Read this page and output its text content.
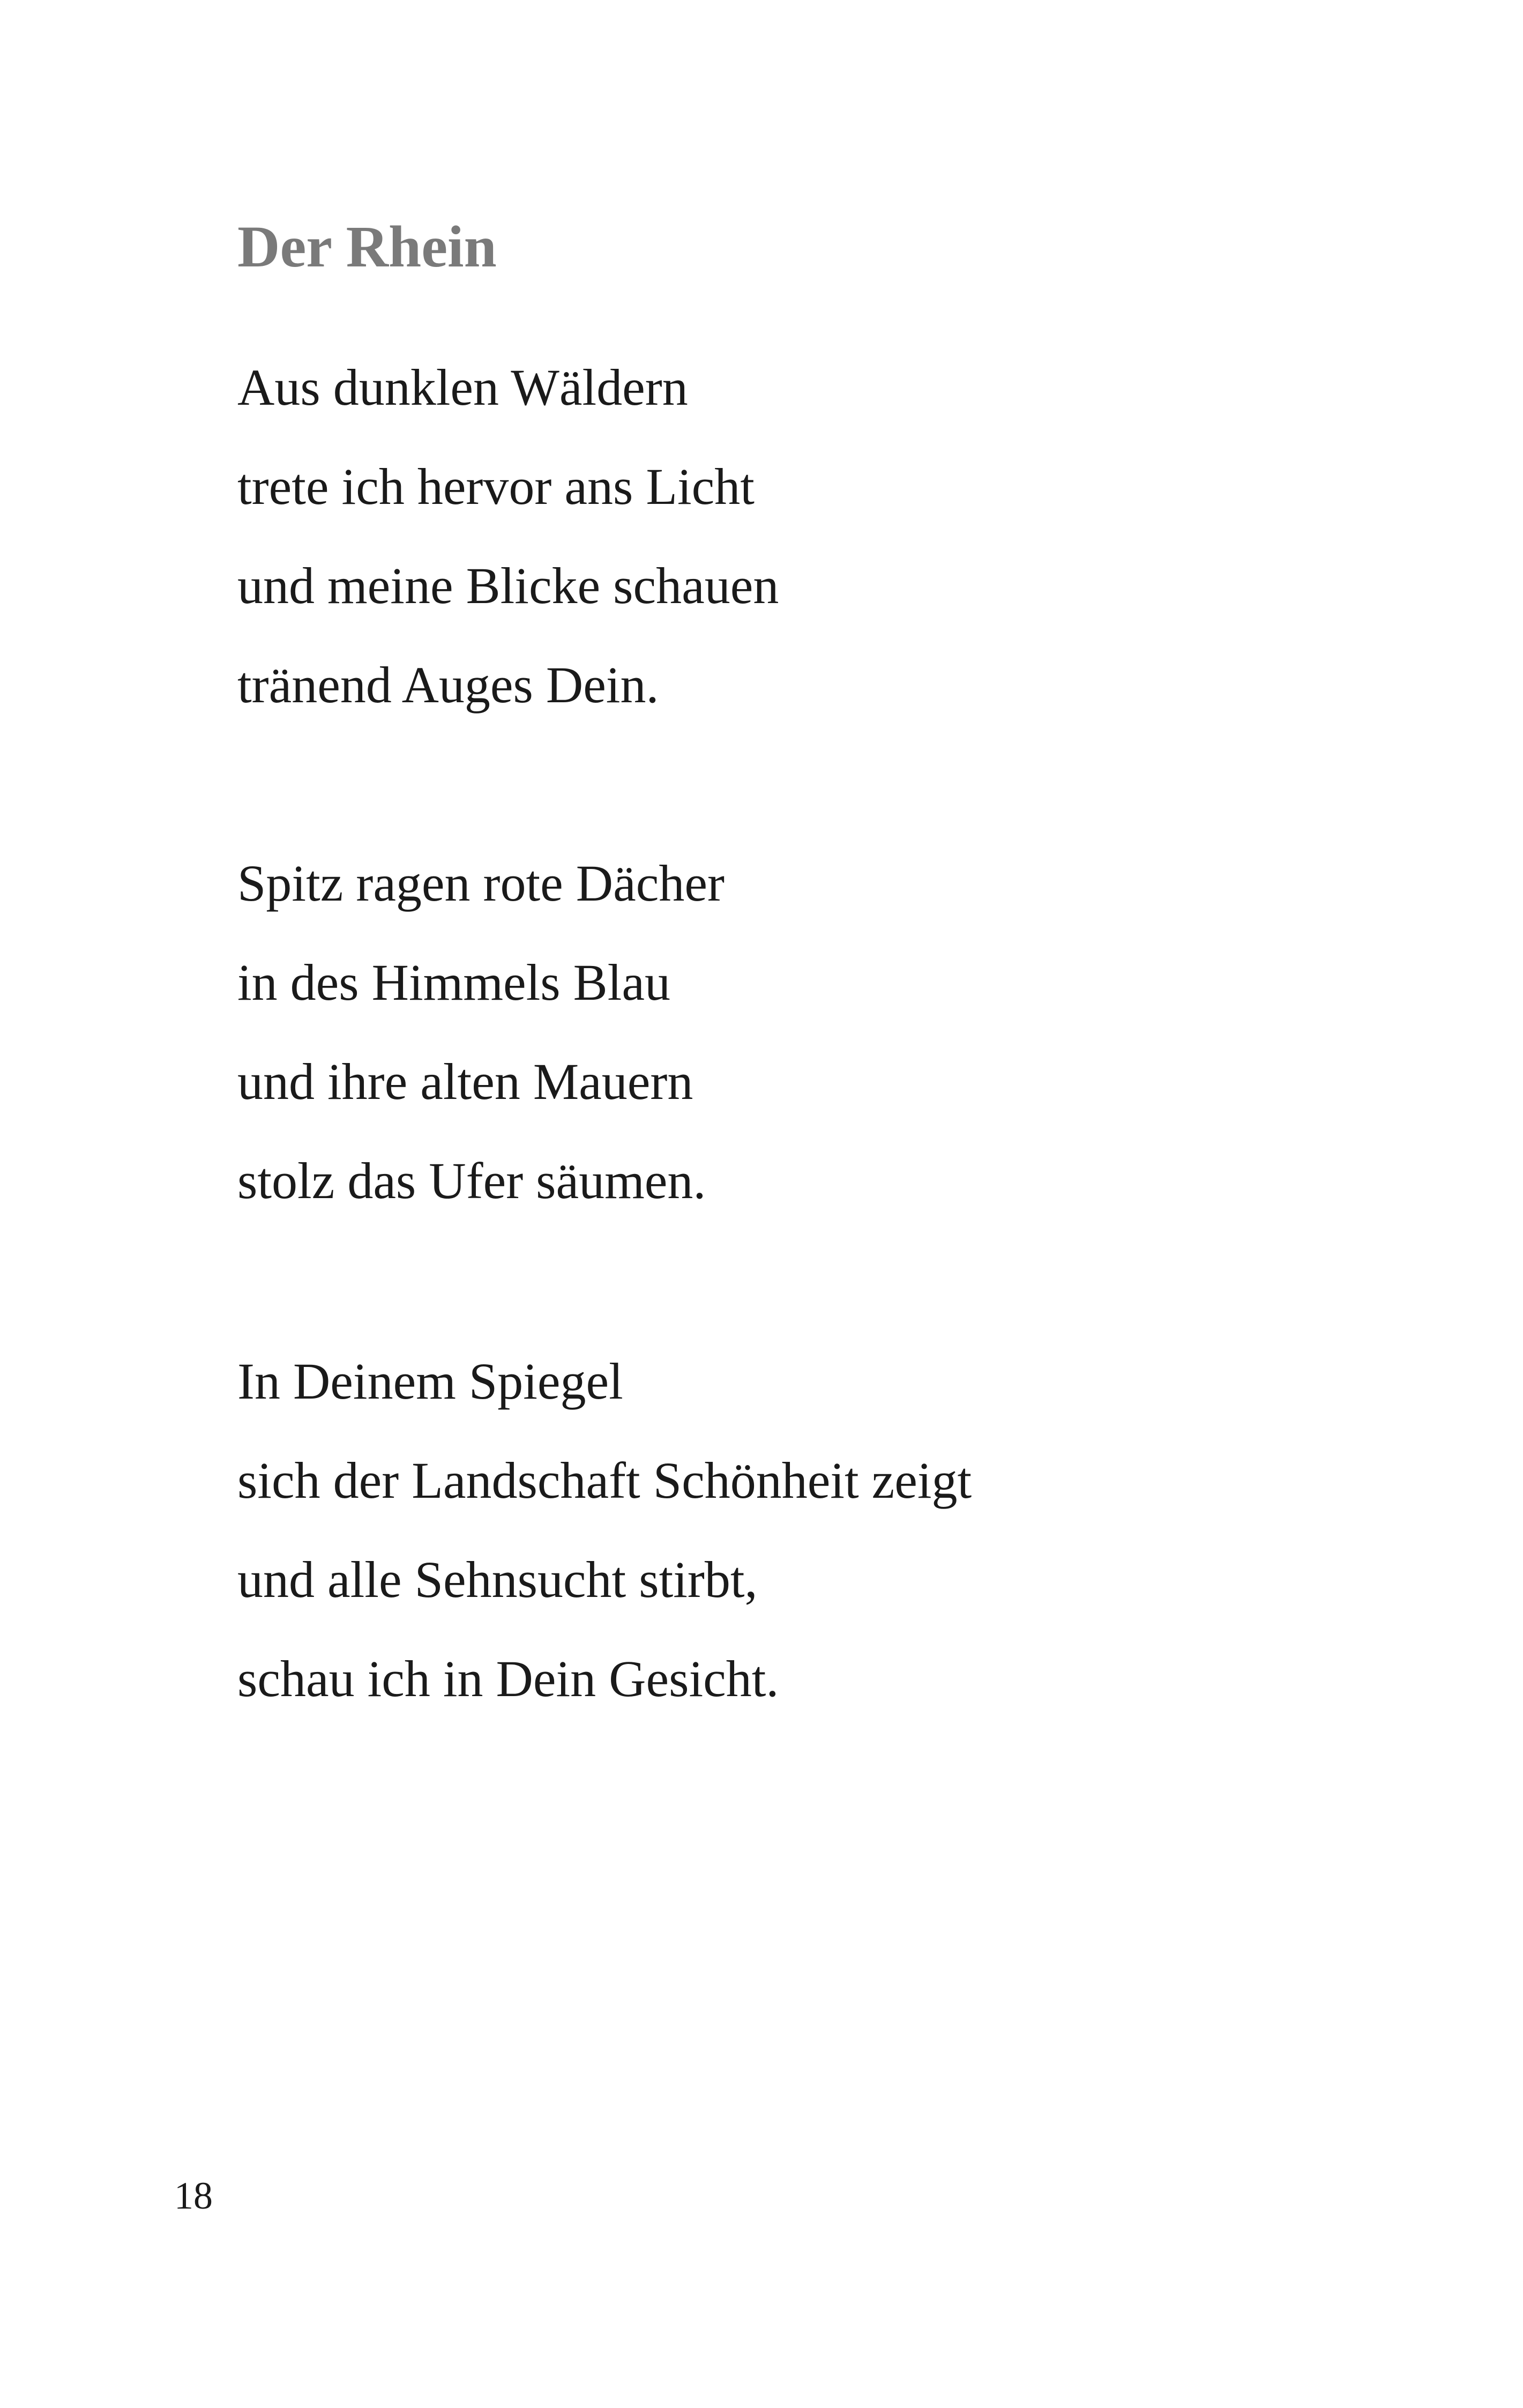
Der Rhein
Aus dunklen Wäldern
trete ich hervor ans Licht
und meine Blicke schauen
tränend Auges Dein.
Spitz ragen rote Dächer
in des Himmels Blau
und ihre alten Mauern
stolz das Ufer säumen.
In Deinem Spiegel
sich der Landschaft Schönheit zeigt
und alle Sehnsucht stirbt,
schau ich in Dein Gesicht.
18
